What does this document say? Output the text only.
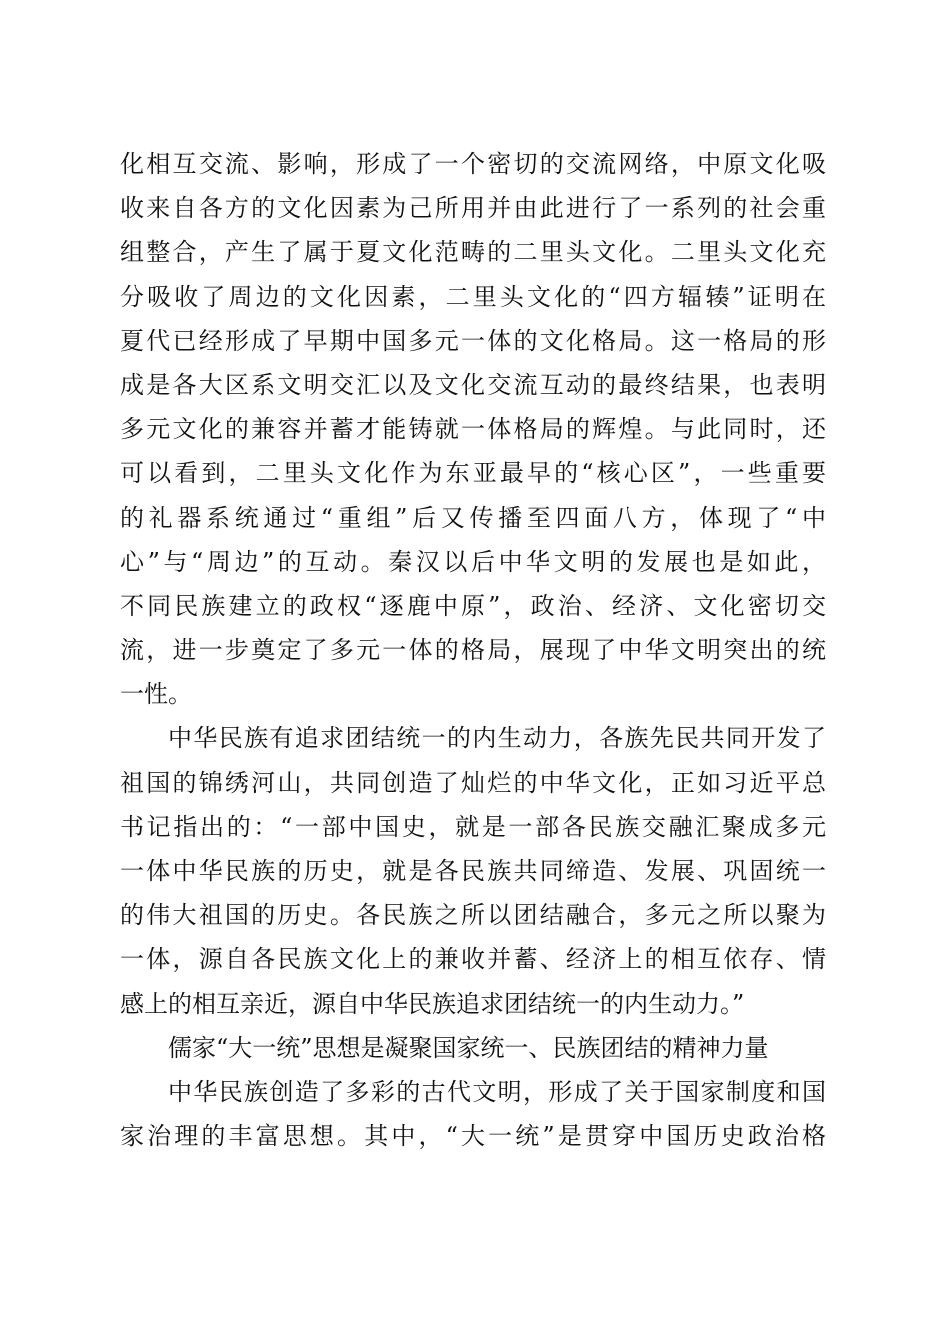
化相互交流、影响，形成了一个密切的交流网络，中原文化吸
收来自各方的文化因素为己所用并由此进行了一系列的社会重
组整合，产生了属于夏文化范畴的二里头文化。二里头文化充
分吸收了周边的文化因素，二里头文化的“四方辐辏”证明在
夏代已经形成了早期中国多元一体的文化格局。这一格局的形
成是各大区系文明交汇以及文化交流互动的最终结果，也表明
多元文化的兼容并蓄才能铸就一体格局的辉煌。与此同时，还
可以看到，二里头文化作为东亚最早的“核心区”，一些重要
的礼器系统通过“重组”后又传播至四面八方，体现了“中
心”与“周边”的互动。秦汉以后中华文明的发展也是如此，
不同民族建立的政权“逐鹿中原”，政治、经济、文化密切交
流，进一步奠定了多元一体的格局，展现了中华文明突出的统
一性。
中华民族有追求团结统一的内生动力，各族先民共同开发了
祖国的锦绣河山，共同创造了灿烂的中华文化，正如习近平总
书记指出的：“一部中国史，就是一部各民族交融汇聚成多元
一体中华民族的历史，就是各民族共同缔造、发展、巩固统一
的伟大祖国的历史。各民族之所以团结融合，多元之所以聚为
一体，源自各民族文化上的兼收并蓄、经济上的相互依存、情
感上的相互亲近，源自中华民族追求团结统一的内生动力。”
儒家“大一统”思想是凝聚国家统一、民族团结的精神力量
中华民族创造了多彩的古代文明，形成了关于国家制度和国
家治理的丰富思想。其中，“大一统”是贯穿中国历史政治格
